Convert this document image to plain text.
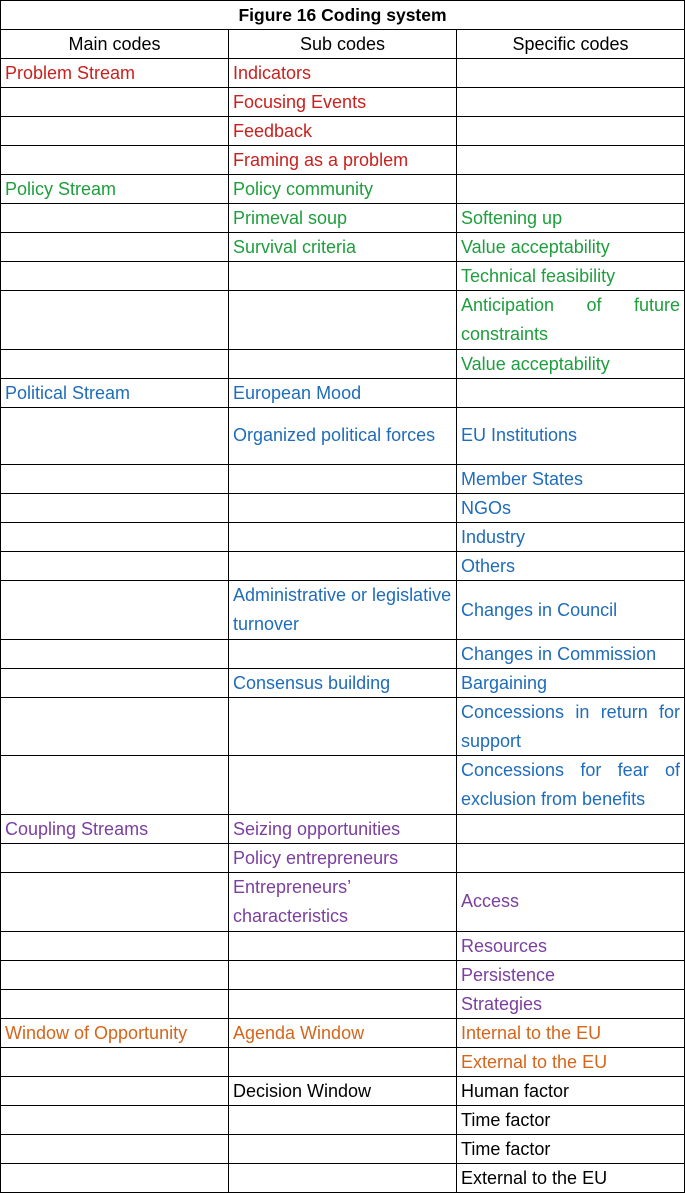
Figure 16 Coding system		
Main codes	Sub codes	Specific codes
Problem Stream	Indicators	
	Focusing Events	
	Feedback	
	Framing as a problem	
Policy Stream	Policy community	
	Primeval soup	Softening up
	Survival criteria	Value acceptability
		Technical feasibility
		Anticipation of future constraints
		Value acceptability
Political Stream	European Mood	
	Organized political forces	EU Institutions
		Member States
		NGOs
		Industry
		Others
	Administrative or legislative turnover	Changes in Council
		Changes in Commission
	Consensus building	Bargaining
		Concessions in return for support
		Concessions for fear of exclusion from benefits
Coupling Streams	Seizing opportunities	
	Policy entrepreneurs	
	Entrepreneurs’ characteristics	Access
		Resources
		Persistence
		Strategies
Window of Opportunity	Agenda Window	Internal to the EU
		External to the EU
	Decision Window	Human factor
		Time factor
		Time factor
		External to the EU
